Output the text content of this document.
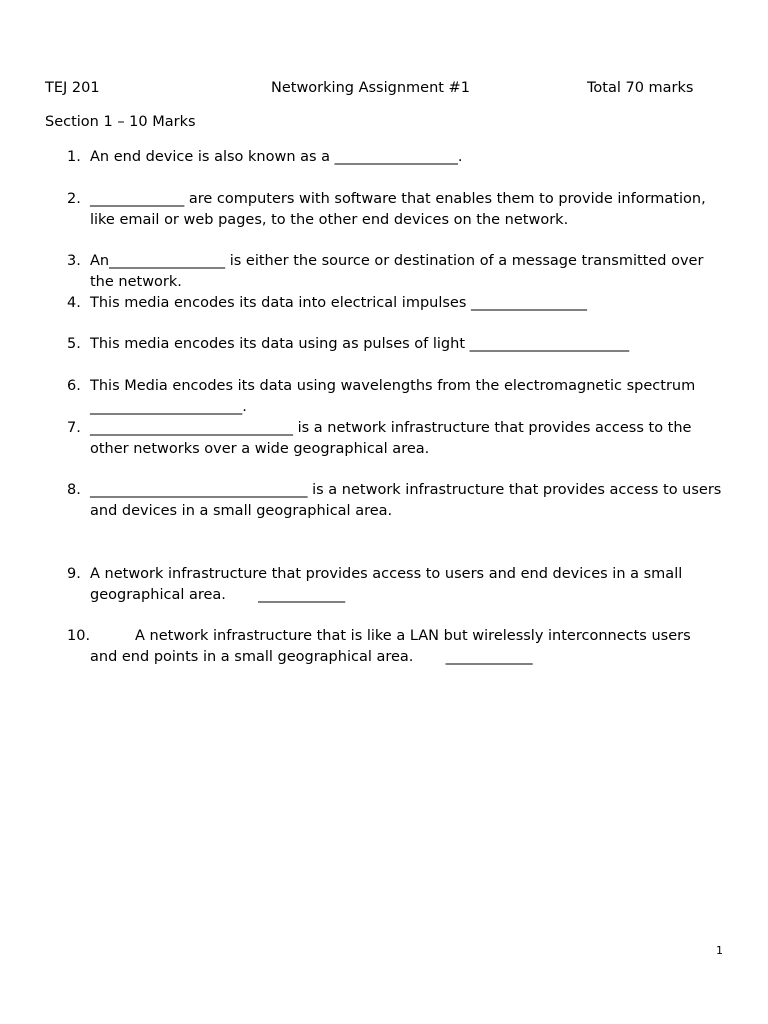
TEJ 201	Networking Assignment #1	Total 70 marks
Section 1 – 10 Marks
1. An end device is also known as a _________________.
2. _____________ are computers with software that enables them to provide information, like email or web pages, to the other end devices on the network.
3. An________________ is either the source or destination of a message transmitted over the network.
4. This media encodes its data into electrical impulses ________________
5. This media encodes its data using as pulses of light ______________________
6. This Media encodes its data using wavelengths from the electromagnetic spectrum _____________________.
7. ____________________________ is a network infrastructure that provides access to the other networks over a wide geographical area.
8. ______________________________ is a network infrastructure that provides access to users and devices in a small geographical area.
9. A network infrastructure that provides access to users and end devices in a small
geographical area.       ____________
10.	A network infrastructure that is like a LAN but wirelessly interconnects users
and end points in a small geographical area.       ____________
1
